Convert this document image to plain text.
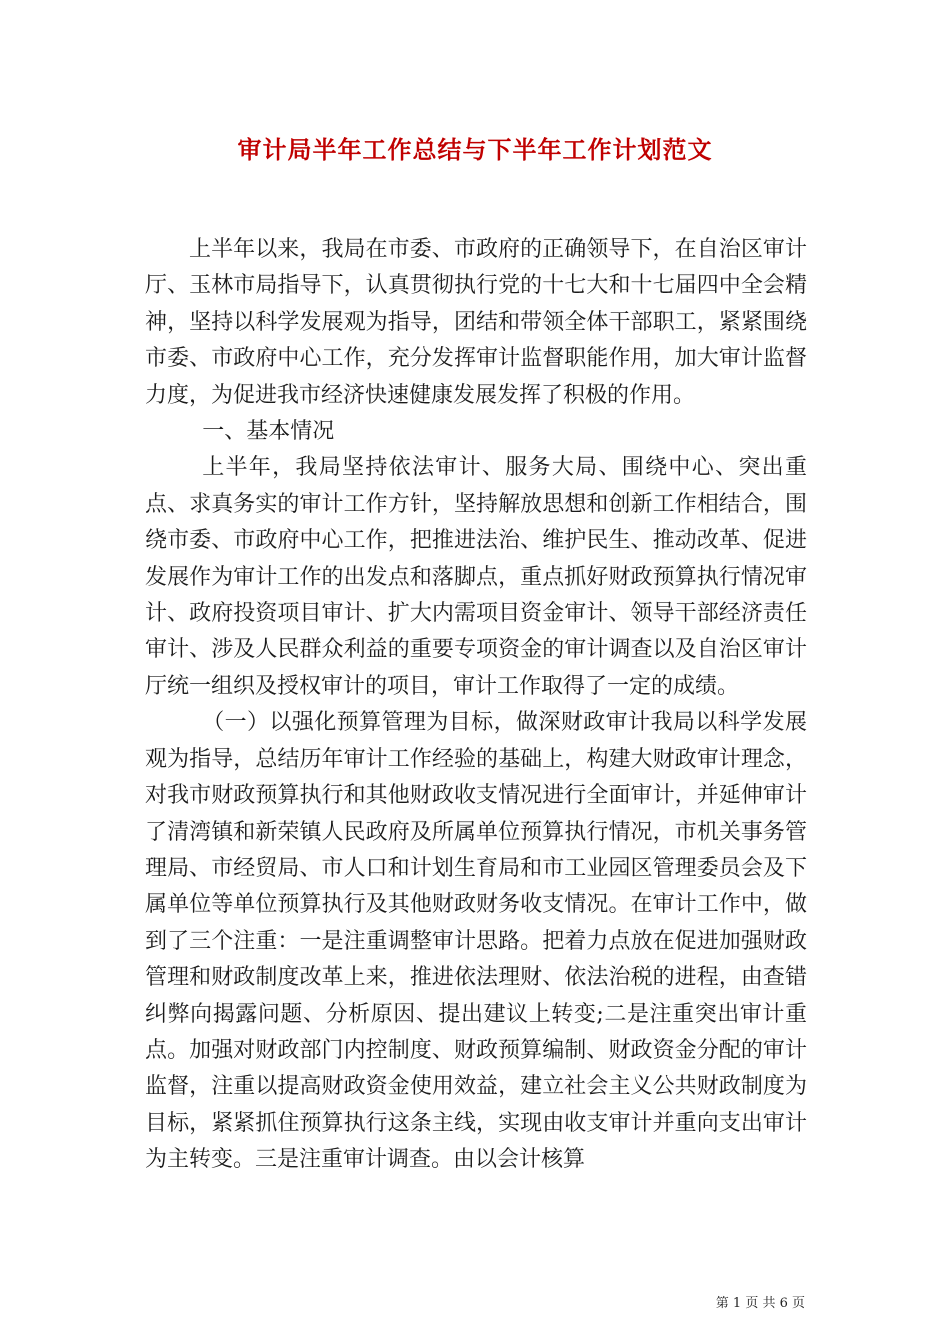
审计局半年工作总结与下半年工作计划范文

上半年以来，我局在市委、市政府的正确领导下，在自治区审计厅、玉林市局指导下，认真贯彻执行党的十七大和十七届四中全会精神，坚持以科学发展观为指导，团结和带领全体干部职工，紧紧围绕市委、市政府中心工作，充分发挥审计监督职能作用，加大审计监督力度，为促进我市经济快速健康发展发挥了积极的作用。

一、基本情况

上半年，我局坚持依法审计、服务大局、围绕中心、突出重点、求真务实的审计工作方针，坚持解放思想和创新工作相结合，围绕市委、市政府中心工作，把推进法治、维护民生、推动改革、促进发展作为审计工作的出发点和落脚点，重点抓好财政预算执行情况审计、政府投资项目审计、扩大内需项目资金审计、领导干部经济责任审计、涉及人民群众利益的重要专项资金的审计调查以及自治区审计厅统一组织及授权审计的项目，审计工作取得了一定的成绩。

（一）以强化预算管理为目标，做深财政审计我局以科学发展观为指导，总结历年审计工作经验的基础上，构建大财政审计理念，对我市财政预算执行和其他财政收支情况进行全面审计，并延伸审计了清湾镇和新荣镇人民政府及所属单位预算执行情况，市机关事务管理局、市经贸局、市人口和计划生育局和市工业园区管理委员会及下属单位等单位预算执行及其他财政财务收支情况。在审计工作中，做到了三个注重：一是注重调整审计思路。把着力点放在促进加强财政管理和财政制度改革上来，推进依法理财、依法治税的进程，由查错纠弊向揭露问题、分析原因、提出建议上转变;二是注重突出审计重点。加强对财政部门内控制度、财政预算编制、财政资金分配的审计监督，注重以提高财政资金使用效益，建立社会主义公共财政制度为目标，紧紧抓住预算执行这条主线，实现由收支审计并重向支出审计为主转变。三是注重审计调查。由以会计核算

第 1 页 共 6 页
